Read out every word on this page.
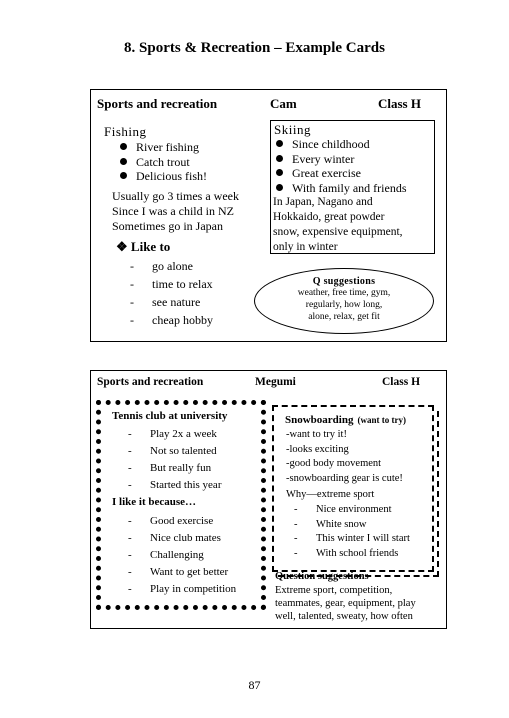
8. Sports & Recreation – Example Cards
Sports and recreation	Cam	Class H
Fishing
River fishing
Catch trout
Delicious fish!
Usually go 3 times a week
Since I was a child in NZ
Sometimes go in Japan
❖ Like to
- go alone
- time to relax
- see nature
- cheap hobby
Skiing
Since childhood
Every winter
Great exercise
With family and friends
In Japan, Nagano and
Hokkaido, great powder
snow, expensive equipment,
only in winter
Q suggestions
weather, free time, gym,
regularly, how long,
alone, relax, get fit
Sports and recreation	Megumi	Class H
Tennis club at university
- Play 2x a week
- Not so talented
- But really fun
- Started this year
I like it because…
- Good exercise
- Nice club mates
- Challenging
- Want to get better
- Play in competition
Snowboarding (want to try)
-want to try it!
-looks exciting
-good body movement
-snowboarding gear is cute!
Why—extreme sport
- Nice environment
- White snow
- This winter I will start
- With school friends
Question suggestions
Extreme sport, competition,
teammates, gear, equipment, play
well, talented, sweaty, how often
87
